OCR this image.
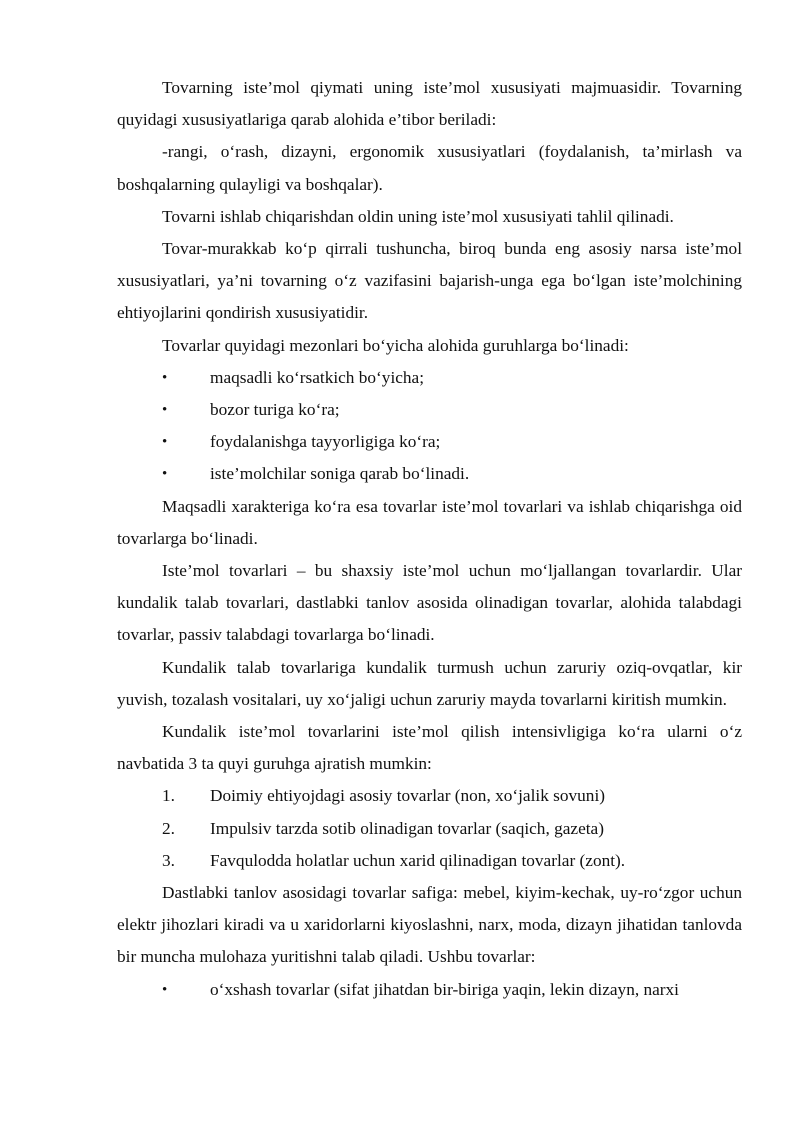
Tovarning iste’mol qiymati uning iste’mol xususiyati majmuasidir. Tovarning quyidagi xususiyatlariga qarab alohida e’tibor beriladi:

-rangi, o‘rash, dizayni, ergonomik xususiyatlari (foydalanish, ta’mirlash va boshqalarning qulayligi va boshqalar).

Tovarni ishlab chiqarishdan oldin uning iste’mol xususiyati tahlil qilinadi.

Tovar-murakkab ko‘p qirrali tushuncha, biroq bunda eng asosiy narsa iste’mol xususiyatlari, ya’ni tovarning o‘z vazifasini bajarish-unga ega bo‘lgan iste’molchining ehtiyojlarini qondirish xususiyatidir.

Tovarlar quyidagi mezonlari bo‘yicha alohida guruhlarga bo‘linadi:

• maqsadli ko‘rsatkich bo‘yicha;
• bozor turiga ko‘ra;
• foydalanishga tayyorligiga ko‘ra;
• iste’molchilar soniga qarab bo‘linadi.

Maqsadli xarakteriga ko‘ra esa tovarlar iste’mol tovarlari va ishlab chiqarishga oid tovarlarga bo‘linadi.

Iste’mol tovarlari – bu shaxsiy iste’mol uchun mo‘ljallangan tovarlardir. Ular kundalik talab tovarlari, dastlabki tanlov asosida olinadigan tovarlar, alohida talabdagi tovarlar, passiv talabdagi tovarlarga bo‘linadi.

Kundalik talab tovarlariga kundalik turmush uchun zaruriy oziq-ovqatlar, kir yuvish, tozalash vositalari, uy xo‘jaligi uchun zaruriy mayda tovarlarni kiritish mumkin.

Kundalik iste’mol tovarlarini iste’mol qilish intensivligiga ko‘ra ularni o‘z navbatida 3 ta quyi guruhga ajratish mumkin:

1. Doimiy ehtiyojdagi asosiy tovarlar (non, xo‘jalik sovuni)
2. Impulsiv tarzda sotib olinadigan tovarlar (saqich, gazeta)
3. Favqulodda holatlar uchun xarid qilinadigan tovarlar (zont).

Dastlabki tanlov asosidagi tovarlar safiga: mebel, kiyim-kechak, uy-ro‘zgor uchun elektr jihozlari kiradi va u xaridorlarni kiyoslashni, narx, moda, dizayn jihatidan tanlovda bir muncha mulohaza yuritishni talab qiladi. Ushbu tovarlar:

• o‘xshash tovarlar (sifat jihatdan bir-biriga yaqin, lekin dizayn, narxi
